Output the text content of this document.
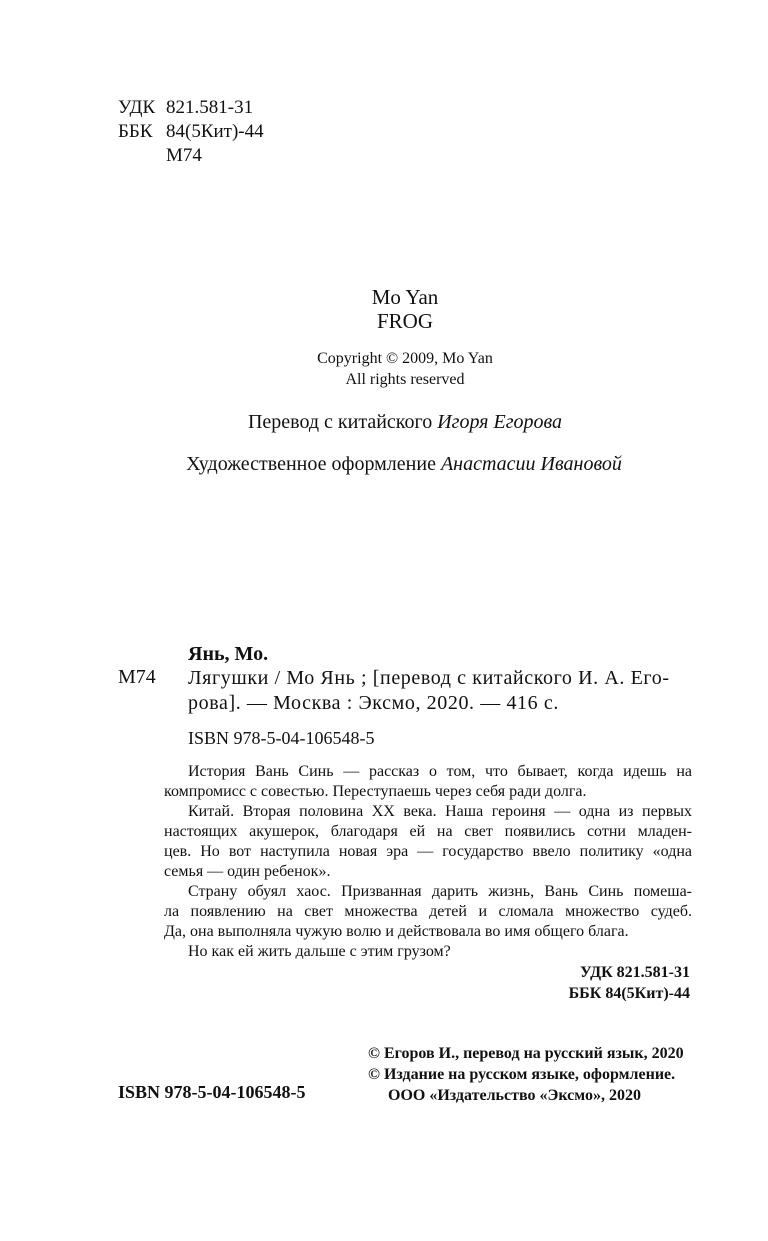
УДК 821.581-31
ББК 84(5Кит)-44
М74
Mo Yan
FROG
Copyright © 2009, Mo Yan
All rights reserved
Перевод с китайского Игоря Егорова
Художественное оформление Анастасии Ивановой
Янь, Мо.
М74 Лягушки / Мо Янь ; [перевод с китайского И. А. Его-
рова]. — Москва : Эксмо, 2020. — 416 с.
ISBN 978-5-04-106548-5
История Вань Синь — рассказ о том, что бывает, когда идешь на
компромисс с совестью. Переступаешь через себя ради долга.
Китай. Вторая половина XX века. Наша героиня — одна из первых
настоящих акушерок, благодаря ей на свет появились сотни младен-
цев. Но вот наступила новая эра — государство ввело политику «одна
семья — один ребенок».
Страну обуял хаос. Призванная дарить жизнь, Вань Синь помеша-
ла появлению на свет множества детей и сломала множество судеб.
Да, она выполняла чужую волю и действовала во имя общего блага.
Но как ей жить дальше с этим грузом?
УДК 821.581-31
ББК 84(5Кит)-44
© Егоров И., перевод на русский язык, 2020
© Издание на русском языке, оформление.
ООО «Издательство «Эксмо», 2020
ISBN 978-5-04-106548-5
